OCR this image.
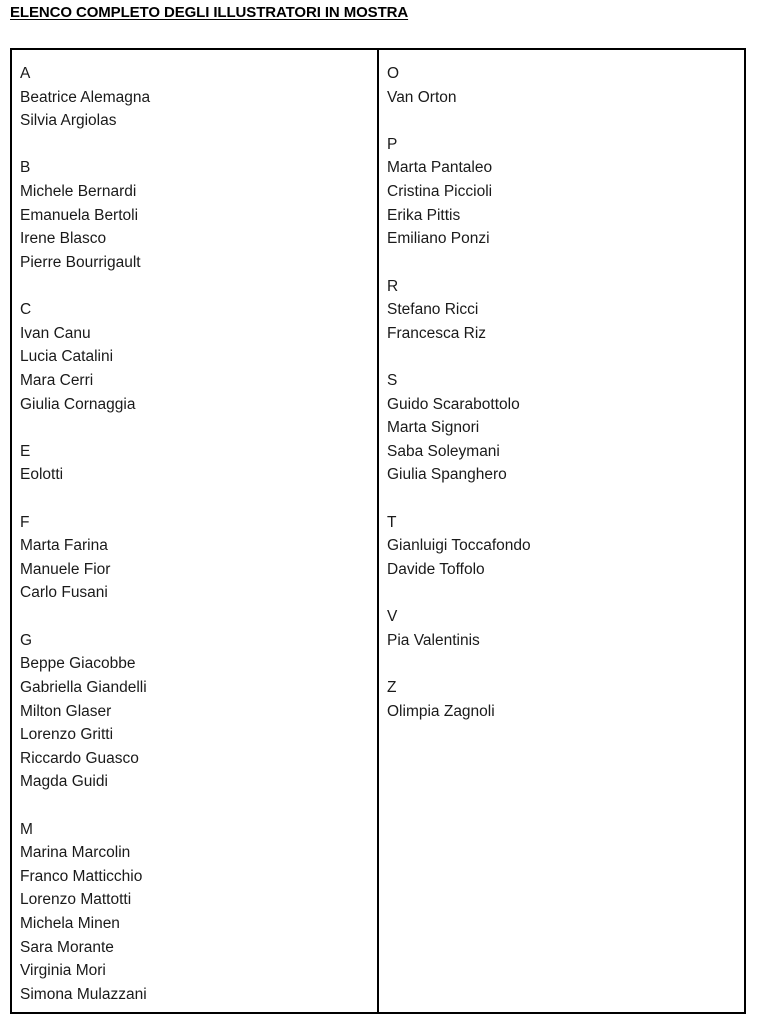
ELENCO COMPLETO DEGLI ILLUSTRATORI IN MOSTRA
A
Beatrice Alemagna
Silvia Argiolas
B
Michele Bernardi
Emanuela Bertoli
Irene Blasco
Pierre Bourrigault
C
Ivan Canu
Lucia Catalini
Mara Cerri
Giulia Cornaggia
E
Eolotti
F
Marta Farina
Manuele Fior
Carlo Fusani
G
Beppe Giacobbe
Gabriella Giandelli
Milton Glaser
Lorenzo Gritti
Riccardo Guasco
Magda Guidi
M
Marina Marcolin
Franco Matticchio
Lorenzo Mattotti
Michela Minen
Sara Morante
Virginia Mori
Simona Mulazzani
O
Van Orton
P
Marta Pantaleo
Cristina Piccioli
Erika Pittis
Emiliano Ponzi
R
Stefano Ricci
Francesca Riz
S
Guido Scarabottolo
Marta Signori
Saba Soleymani
Giulia Spanghero
T
Gianluigi Toccafondo
Davide Toffolo
V
Pia Valentinis
Z
Olimpia Zagnoli
